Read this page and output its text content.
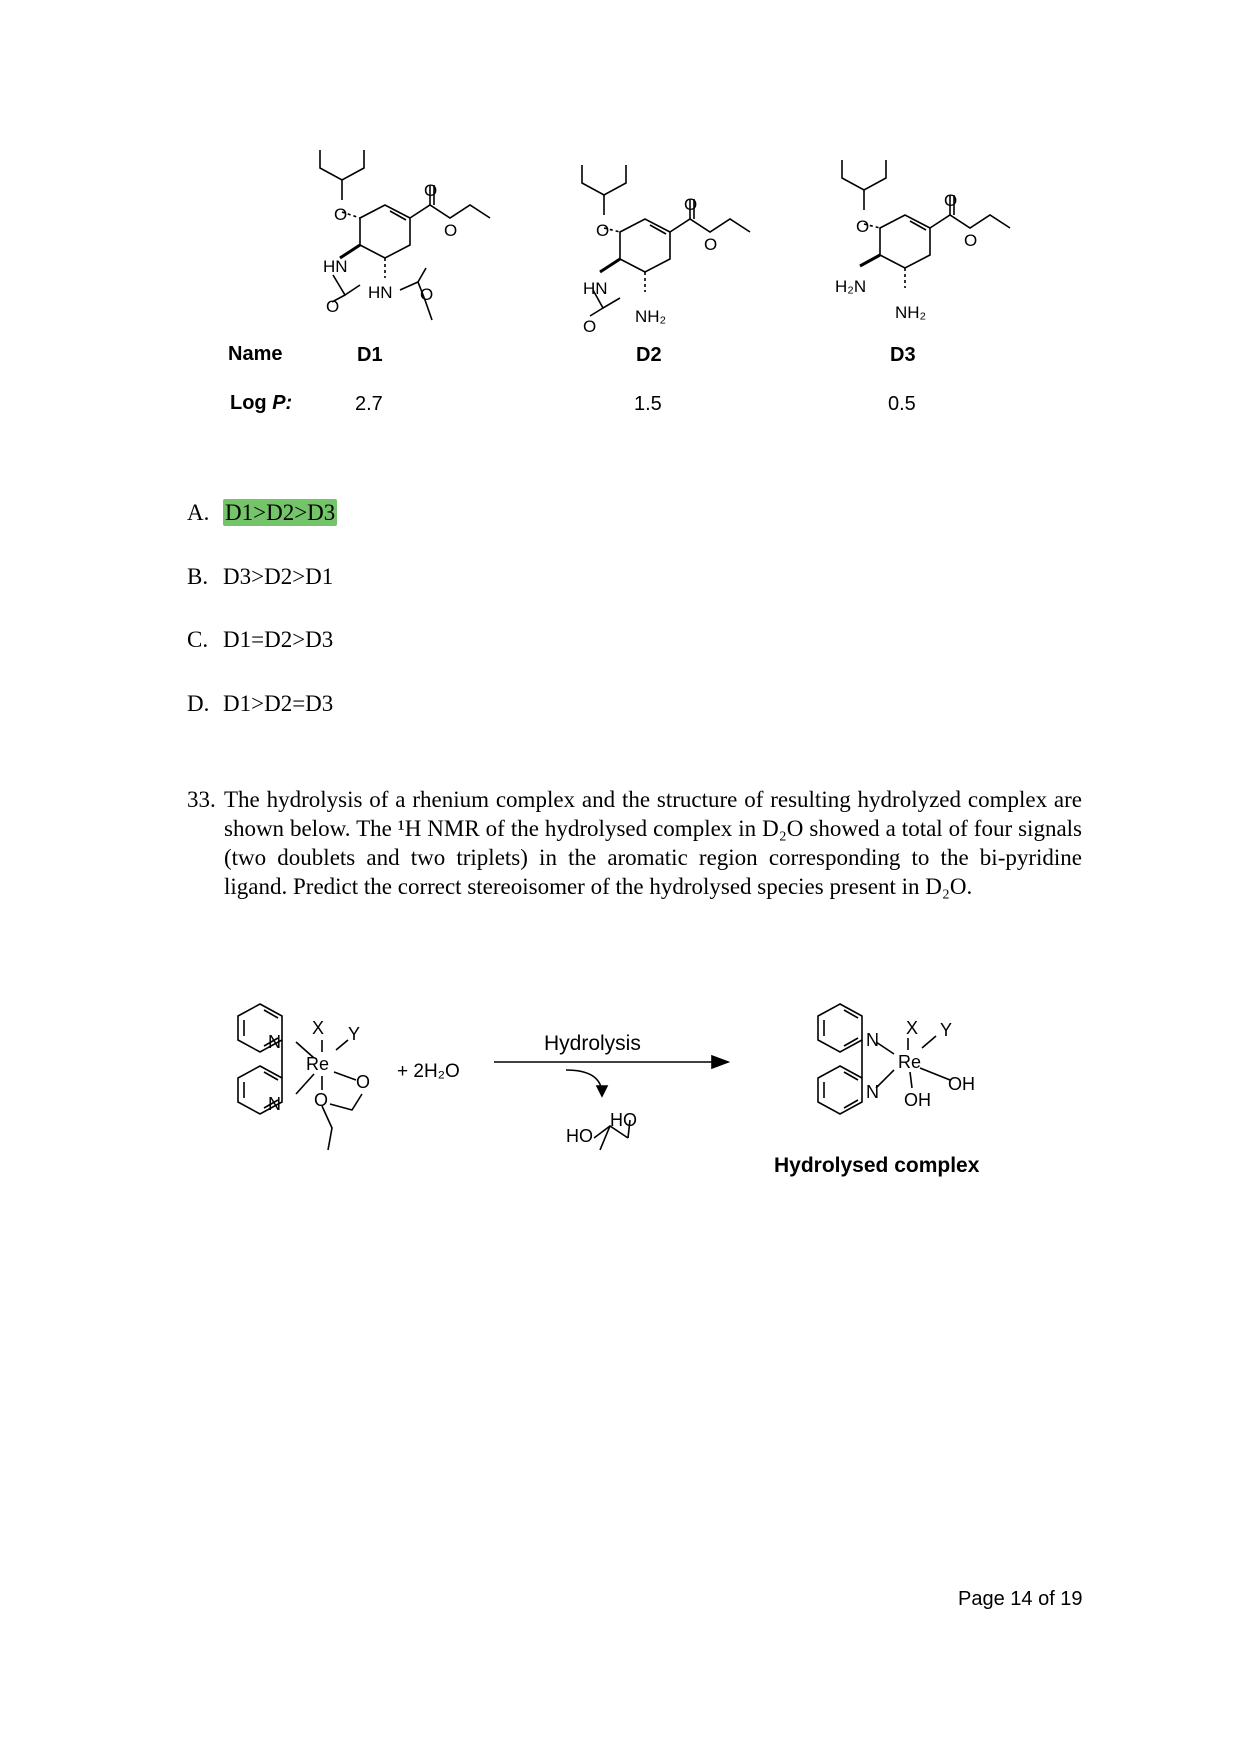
O
HN
O
HN O
O
O	O
HN
O
NH₂
O
O
O
H₂N
NH₂
O
O
Name	D1	D2	D3
Log P:	2.7	1.5	0.5
A. D1>D2>D3
B. D3>D2>D1
C. D1=D2>D3
D. D1>D2=D3
33. The hydrolysis of a rhenium complex and the structure of resulting hydrolyzed complex are shown below. The ¹H NMR of the hydrolysed complex in D₂O showed a total of four signals (two doublets and two triplets) in the aromatic region corresponding to the bi-pyridine ligand. Predict the correct stereoisomer of the hydrolysed species present in D₂O.
N
N
Re
X Y
O
O
+ 2H₂O
Hydrolysis
HO
HO
N
N
Re
X Y
OH
OH
Hydrolysed complex
Page 14 of 19
